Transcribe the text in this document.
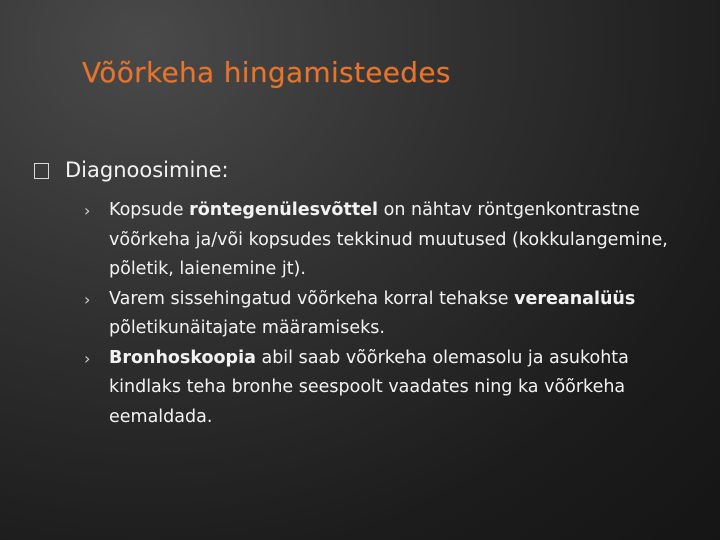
Võõrkeha hingamisteedes
Diagnoosimine:
› Kopsude röntegenülesvõttel on nähtav röntgenkontrastne võõrkeha ja/või kopsudes tekkinud muutused (kokkulangemine, põletik, laienemine jt).
› Varem sissehingatud võõrkeha korral tehakse vereanalüüs põletikunäitajate määramiseks.
› Bronhoskoopia abil saab võõrkeha olemasolu ja asukohta kindlaks teha bronhe seespoolt vaadates ning ka võõrkeha eemaldada.
